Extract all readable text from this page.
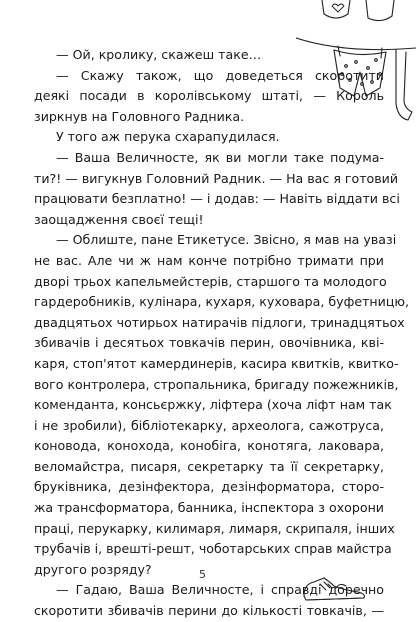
— Ой, кролику, скажеш таке…
— Скажу також, що доведеться скоротити
деякі посади в королівському штаті, — Король
зиркнув на Головного Радника.
У того аж перука схарапудилася.
— Ваша Величносте, як ви могли таке подума-
ти?! — вигукнув Головний Радник. — На вас я готовий
працювати безплатно! — і додав: — Навіть віддати всі
заощадження своєї тещі!
— Облиште, пане Етикетусе. Звісно, я мав на увазі
не вас. Але чи ж нам конче потрібно тримати при
дворі трьох капельмейстерів, старшого та молодого
гардеробників, кулінара, кухаря, куховара, буфетницю,
двадцятьох чотирьох натирачів підлоги, тринадцятьох
збивачів і десятьох товкачів перин, овочівника, кві-
каря, стоп'ятот камердинерів, касира квитків, квитко-
вого контролера, стропальника, бригаду пожежників,
коменданта, консьєржку, ліфтера (хоча ліфт нам так
і не зробили), бібліотекарку, археолога, сажотруса,
коновода, конохода, конобіга, конотяга, лаковара,
веломайстра, писаря, секретарку та її секретарку,
бруківника, дезінфектора, дезінформатора, сторо-
жа трансформатора, банника, інспектора з охорони
праці, перукарку, килимаря, лимаря, скрипаля, інших
трубачів і, врешті-решт, чоботарських справ майстра
другого розряду?
— Гадаю, Ваша Величносте, і справді доречно
скоротити збивачів перини до кількості товкачів, —
5
